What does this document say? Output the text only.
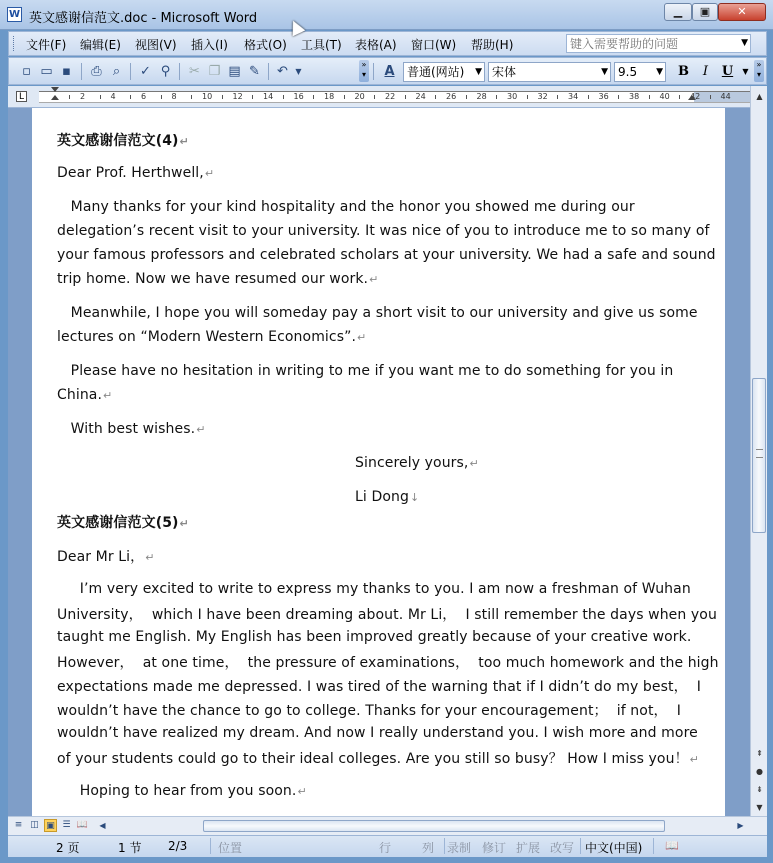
W 英文感谢信范文.doc - Microsoft Word	▁	▣	✕
文件(F) 编辑(E) 视图(V) 插入(I) 格式(O) 工具(T) 表格(A) 窗口(W) 帮助(H)
键入需要帮助的问题	▼
▫ ▭ ▪	⎙ ⌕	✓ ⚲ ✂ ❐ ▤ ✎ ↶ ▼
»
▾ A	普通(网站) ▼ 宋体	▼ 9.5 ▼ B	I	U	▼
»
▾
L	2	4	6	8	10	12	14	16	18	20	22	24	26	28	30	32	34	36	38	40	42	44
英文感谢信范文(4)↵
Dear Prof. Herthwell,↵
Many thanks for your kind hospitality and the honor you showed me during our
delegation’s recent visit to your university. It was nice of you to introduce me to so many of
your famous professors and celebrated scholars at your university. We had a safe and sound
trip home. Now we have resumed our work.↵
Meanwhile, I hope you will someday pay a short visit to our university and give us some
lectures on “Modern Western Economics”.↵
Please have no hesitation in writing to me if you want me to do something for you in
China.↵
With best wishes.↵
Sincerely yours,↵
Li Dong↓
英文感谢信范文(5)↵
Dear Mr Li，↵
I’m very excited to write to express my thanks to you. I am now a freshman of Wuhan
University，  which I have been dreaming about. Mr Li，  I still remember the days when you
taught me English. My English has been improved greatly because of your creative work.
However，  at one time，  the pressure of examinations，  too much homework and the high
expectations made me depressed. I was tired of the warning that if I didn’t do my best，  I
wouldn’t have the chance to go to college. Thanks for your encouragement；  if not，  I
wouldn’t have realized my dream. And now I really understand you. I wish more and more
of your students could go to their ideal colleges. Are you still so busy？ How I miss you！↵
Hoping to hear from you soon.↵
▲
⇞
●
⇟
▼
≡ ◫ ▣ ☰ 📖	◀	▶
2 页	1 节 2/3	位置	行	列 录制 修订 扩展 改写 中文(中国) 📖
